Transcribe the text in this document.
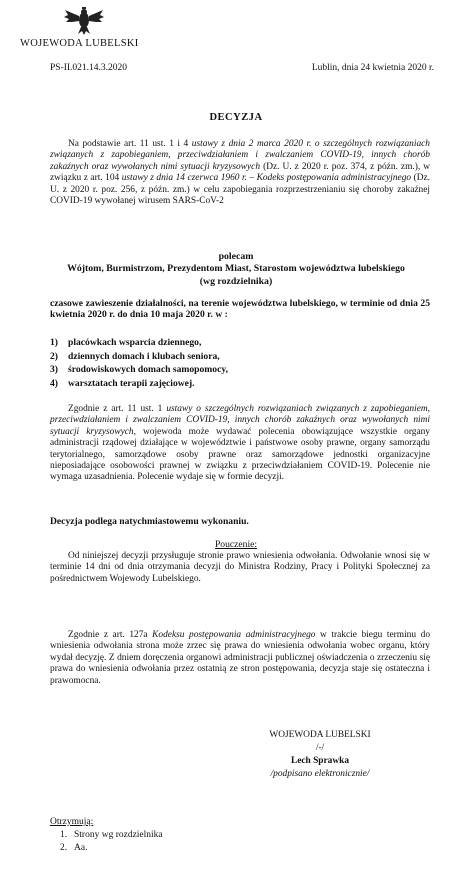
WOJEWODA LUBELSKI
PS-II.021.14.3.2020	Lublin, dnia 24 kwietnia 2020 r.
DECYZJA
Na podstawie art. 11 ust. 1 i 4 ustawy z dnia 2 marca 2020 r. o szczególnych rozwiązaniach związanych z zapobieganiem, przeciwdziałaniem i zwalczaniem COVID-19, innych chorób zakaźnych oraz wywołanych nimi sytuacji kryzysowych (Dz. U. z 2020 r. poz. 374, z późn. zm.), w związku z art. 104 ustawy z dnia 14 czerwca 1960 r. – Kodeks postępowania administracyjnego (Dz. U. z 2020 r. poz. 256, z późn. zm.) w celu zapobiegania rozprzestrzenianiu się choroby zakaźnej COVID-19 wywołanej wirusem SARS-CoV-2
polecam
Wójtom, Burmistrzom, Prezydentom Miast, Starostom województwa lubelskiego
(wg rozdzielnika)
czasowe zawieszenie działalności, na terenie województwa lubelskiego, w terminie od dnia 25 kwietnia 2020 r. do dnia 10 maja 2020 r. w :
1) placówkach wsparcia dziennego,
2) dziennych domach i klubach seniora,
3) środowiskowych domach samopomocy,
4) warsztatach terapii zajęciowej.
Zgodnie z art. 11 ust. 1 ustawy o szczególnych rozwiązaniach związanych z zapobieganiem, przeciwdziałaniem i zwalczaniem COVID-19, innych chorób zakaźnych oraz wywołanych nimi sytuacji kryzysowych, wojewoda może wydawać polecenia obowiązujące wszystkie organy administracji rządowej działające w województwie i państwowe osoby prawne, organy samorządu terytorialnego, samorządowe osoby prawne oraz samorządowe jednostki organizacyjne nieposiadające osobowości prawnej w związku z przeciwdziałaniem COVID-19. Polecenie nie wymaga uzasadnienia. Polecenie wydaje się w formie decyzji.
Decyzja podlega natychmiastowemu wykonaniu.
Pouczenie:
Od niniejszej decyzji przysługuje stronie prawo wniesienia odwołania. Odwołanie wnosi się w terminie 14 dni od dnia otrzymania decyzji do Ministra Rodziny, Pracy i Polityki Społecznej za pośrednictwem Wojewody Lubelskiego.
Zgodnie z art. 127a Kodeksu postępowania administracyjnego w trakcie biegu terminu do wniesienia odwołania strona może zrzec się prawa do wniesienia odwołania wobec organu, który wydał decyzję. Z dniem doręczenia organowi administracji publicznej oświadczenia o zrzeczeniu się prawa do wniesienia odwołania przez ostatnią ze stron postępowania, decyzja staje się ostateczna i prawomocna.
WOJEWODA LUBELSKI
/-/
Lech Sprawka
/podpisano elektronicznie/
Otrzymują:
1. Strony wg rozdzielnika
2. Aa.
